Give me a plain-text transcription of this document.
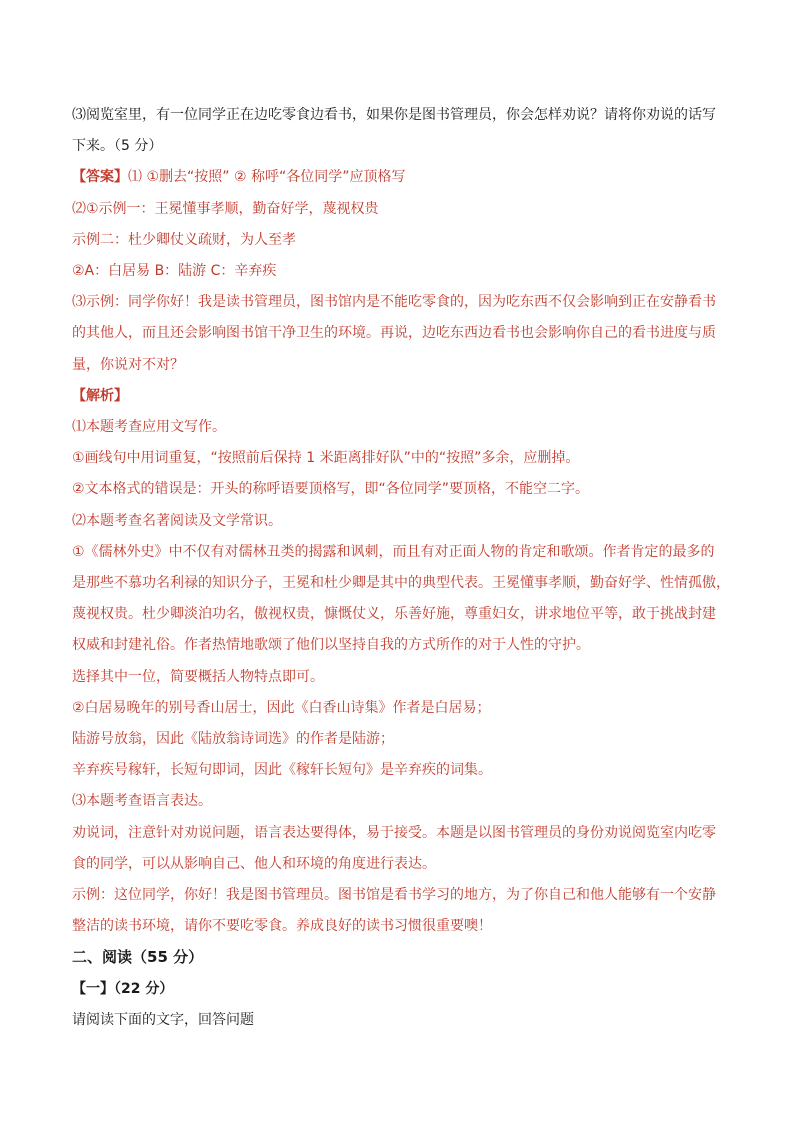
⑶阅览室里，有一位同学正在边吃零食边看书，如果你是图书管理员，你会怎样劝说？请将你劝说的话写
下来。（5 分）
【答案】⑴ ①删去“按照” ② 称呼“各位同学”应顶格写
⑵①示例一：王冕懂事孝顺，勤奋好学，蔑视权贵
示例二：杜少卿仗义疏财，为人至孝
②A：白居易 B：陆游 C：辛弃疾
⑶示例：同学你好！我是读书管理员，图书馆内是不能吃零食的，因为吃东西不仅会影响到正在安静看书
的其他人，而且还会影响图书馆干净卫生的环境。再说，边吃东西边看书也会影响你自己的看书进度与质
量，你说对不对？
【解析】
⑴本题考查应用文写作。
①画线句中用词重复，“按照前后保持 1 米距离排好队”中的“按照”多余，应删掉。
②文本格式的错误是：开头的称呼语要顶格写，即“各位同学”要顶格，不能空二字。
⑵本题考查名著阅读及文学常识。
①《儒林外史》中不仅有对儒林丑类的揭露和讽刺，而且有对正面人物的肯定和歌颂。作者肯定的最多的
是那些不慕功名利禄的知识分子，王冕和杜少卿是其中的典型代表。王冕懂事孝顺，勤奋好学、性情孤傲，
蔑视权贵。杜少卿淡泊功名，傲视权贵，慷慨仗义，乐善好施，尊重妇女，讲求地位平等，敢于挑战封建
权威和封建礼俗。作者热情地歌颂了他们以坚持自我的方式所作的对于人性的守护。
选择其中一位，简要概括人物特点即可。
②白居易晚年的别号香山居士，因此《白香山诗集》作者是白居易；
陆游号放翁，因此《陆放翁诗词选》的作者是陆游；
辛弃疾号稼轩，长短句即词，因此《稼轩长短句》是辛弃疾的词集。
⑶本题考查语言表达。
劝说词，注意针对劝说问题，语言表达要得体，易于接受。本题是以图书管理员的身份劝说阅览室内吃零
食的同学，可以从影响自己、他人和环境的角度进行表达。
示例：这位同学，你好！我是图书管理员。图书馆是看书学习的地方，为了你自己和他人能够有一个安静
整洁的读书环境，请你不要吃零食。养成良好的读书习惯很重要噢！
二、阅读（55 分）
【一】（22 分）
请阅读下面的文字，回答问题
